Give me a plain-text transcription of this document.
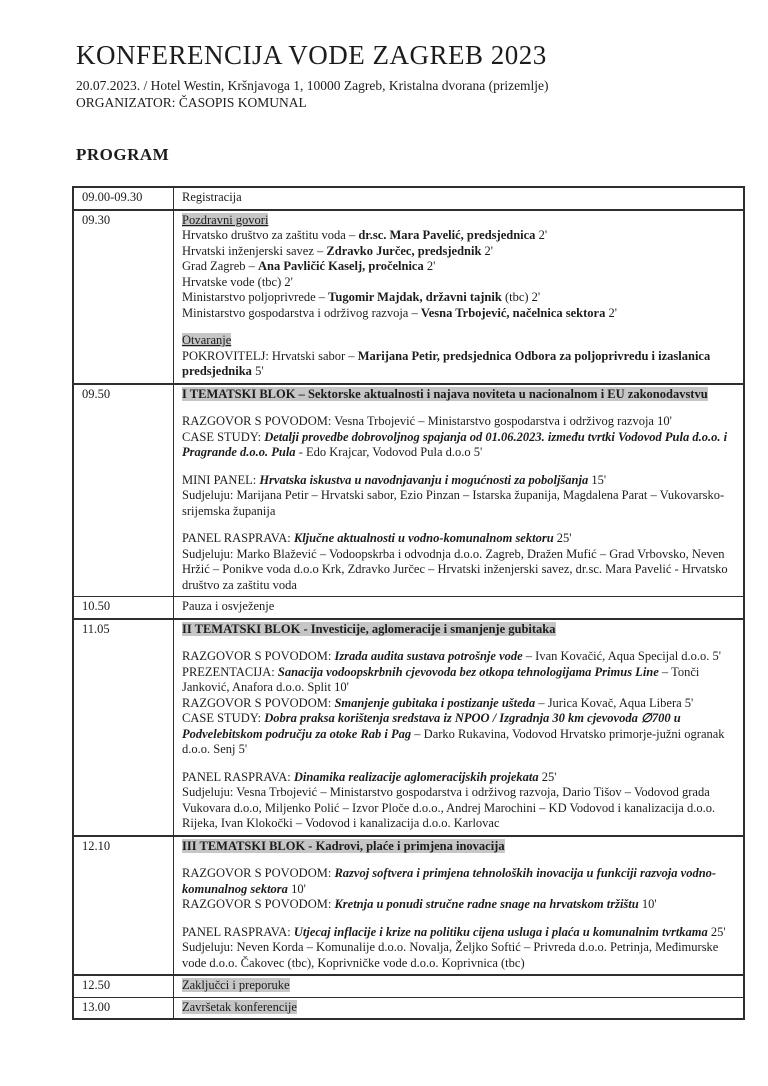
KONFERENCIJA VODE ZAGREB 2023
20.07.2023. / Hotel Westin, Kršnjavoga 1, 10000 Zagreb, Kristalna dvorana (prizemlje)
ORGANIZATOR: ČASOPIS KOMUNAL
PROGRAM
09.00-09.30	Registracija

09.30	Pozdravni govori
Hrvatsko društvo za zaštitu voda – dr.sc. Mara Pavelić, predsjednica 2'
Hrvatski inženjerski savez – Zdravko Jurčec, predsjednik 2'
Grad Zagreb – Ana Pavličić Kaselj, pročelnica 2'
Hrvatske vode (tbc) 2'
Ministarstvo poljoprivrede – Tugomir Majdak, državni tajnik (tbc) 2'
Ministarstvo gospodarstva i održivog razvoja – Vesna Trbojević, načelnica sektora 2'
Otvaranje
POKROVITELJ: Hrvatski sabor – Marijana Petir, predsjednica Odbora za poljoprivredu i izaslanica predsjednika 5'

09.50	I TEMATSKI BLOK – Sektorske aktualnosti i najava noviteta u nacionalnom i EU zakonodavstvu
RAZGOVOR S POVODOM: Vesna Trbojević – Ministarstvo gospodarstva i održivog razvoja 10'
CASE STUDY: Detalji provedbe dobrovoljnog spajanja od 01.06.2023. između tvrtki Vodovod Pula d.o.o. i Pragrande d.o.o. Pula - Edo Krajcar, Vodovod Pula d.o.o 5'
MINI PANEL: Hrvatska iskustva u navodnjavanju i mogućnosti za poboljšanja 15'
Sudjeluju: Marijana Petir – Hrvatski sabor, Ezio Pinzan – Istarska županija, Magdalena Parat – Vukovarsko-srijemska županija
PANEL RASPRAVA: Ključne aktualnosti u vodno-komunalnom sektoru 25'
Sudjeluju: Marko Blažević – Vodoopskrba i odvodnja d.o.o. Zagreb, Dražen Mufić – Grad Vrbovsko, Neven Hržić – Ponikve voda d.o.o Krk, Zdravko Jurčec – Hrvatski inženjerski savez, dr.sc. Mara Pavelić - Hrvatsko društvo za zaštitu voda

10.50	Pauza i osvježenje

11.05	II TEMATSKI BLOK - Investicije, aglomeracije i smanjenje gubitaka
RAZGOVOR S POVODOM: Izrada audita sustava potrošnje vode – Ivan Kovačić, Aqua Specijal d.o.o. 5'
PREZENTACIJA: Sanacija vodoopskrbnih cjevovoda bez otkopa tehnologijama Primus Line – Tonči Janković, Anafora d.o.o. Split 10'
RAZGOVOR S POVODOM: Smanjenje gubitaka i postizanje ušteda – Jurica Kovač, Aqua Libera 5'
CASE STUDY: Dobra praksa korištenja sredstava iz NPOO / Izgradnja 30 km cjevovoda ∅700 u Podvelebitskom području za otoke Rab i Pag – Darko Rukavina, Vodovod Hrvatsko primorje-južni ogranak d.o.o. Senj 5'
PANEL RASPRAVA: Dinamika realizacije aglomeracijskih projekata 25'
Sudjeluju: Vesna Trbojević – Ministarstvo gospodarstva i održivog razvoja, Dario Tišov – Vodovod grada Vukovara d.o.o, Miljenko Polić – Izvor Ploče d.o.o., Andrej Marochini – KD Vodovod i kanalizacija d.o.o. Rijeka, Ivan Klokočki – Vodovod i kanalizacija d.o.o. Karlovac

12.10	III TEMATSKI BLOK - Kadrovi, plaće i primjena inovacija
RAZGOVOR S POVODOM: Razvoj softvera i primjena tehnoloških inovacija u funkciji razvoja vodno-komunalnog sektora 10'
RAZGOVOR S POVODOM: Kretnja u ponudi stručne radne snage na hrvatskom tržištu 10'
PANEL RASPRAVA: Utjecaj inflacije i krize na politiku cijena usluga i plaća u komunalnim tvrtkama 25'
Sudjeluju: Neven Korda – Komunalije d.o.o. Novalja, Željko Softić – Privreda d.o.o. Petrinja, Međimurske vode d.o.o. Čakovec (tbc), Koprivničke vode d.o.o. Koprivnica (tbc)

12.50	Zaključci i preporuke

13.00	Završetak konferencije
